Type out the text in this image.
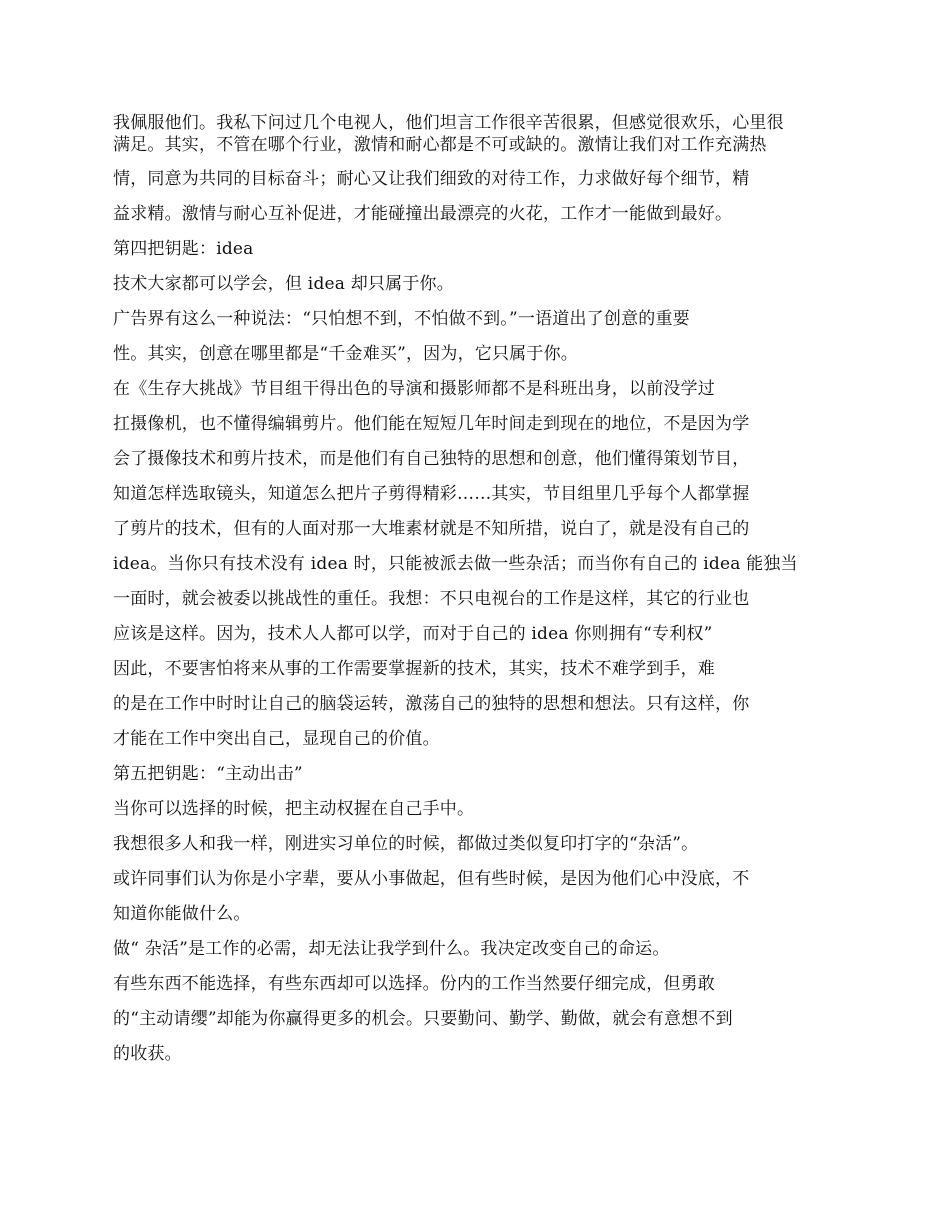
我佩服他们。我私下问过几个电视人，他们坦言工作很辛苦很累，但感觉很欢乐，心里很
满足。其实，不管在哪个行业，激情和耐心都是不可或缺的。激情让我们对工作充满热
情，同意为共同的目标奋斗；耐心又让我们细致的对待工作，力求做好每个细节，精
益求精。激情与耐心互补促进，才能碰撞出最漂亮的火花，工作才一能做到最好。
第四把钥匙：idea
技术大家都可以学会，但 idea 却只属于你。
广告界有这么一种说法：“只怕想不到，不怕做不到。”一语道出了创意的重要
性。其实，创意在哪里都是“千金难买”，因为，它只属于你。
在《生存大挑战》节目组干得出色的导演和摄影师都不是科班出身，以前没学过
扛摄像机，也不懂得编辑剪片。他们能在短短几年时间走到现在的地位，不是因为学
会了摄像技术和剪片技术，而是他们有自己独特的思想和创意，他们懂得策划节目，
知道怎样选取镜头，知道怎么把片子剪得精彩……其实，节目组里几乎每个人都掌握
了剪片的技术，但有的人面对那一大堆素材就是不知所措，说白了，就是没有自己的
idea。当你只有技术没有 idea 时，只能被派去做一些杂活；而当你有自己的 idea 能独当
一面时，就会被委以挑战性的重任。我想：不只电视台的工作是这样，其它的行业也
应该是这样。因为，技术人人都可以学，而对于自己的 idea 你则拥有“专利权”
因此，不要害怕将来从事的工作需要掌握新的技术，其实，技术不难学到手，难
的是在工作中时时让自己的脑袋运转，激荡自己的独特的思想和想法。只有这样，你
才能在工作中突出自己，显现自己的价值。
第五把钥匙：“主动出击”
当你可以选择的时候，把主动权握在自己手中。
我想很多人和我一样，刚进实习单位的时候，都做过类似复印打字的“杂活”。
或许同事们认为你是小字辈，要从小事做起，但有些时候，是因为他们心中没底，不
知道你能做什么。
做“ 杂活”是工作的必需，却无法让我学到什么。我决定改变自己的命运。
有些东西不能选择，有些东西却可以选择。份内的工作当然要仔细完成，但勇敢
的“主动请缨”却能为你赢得更多的机会。只要勤问、勤学、勤做，就会有意想不到
的收获。
